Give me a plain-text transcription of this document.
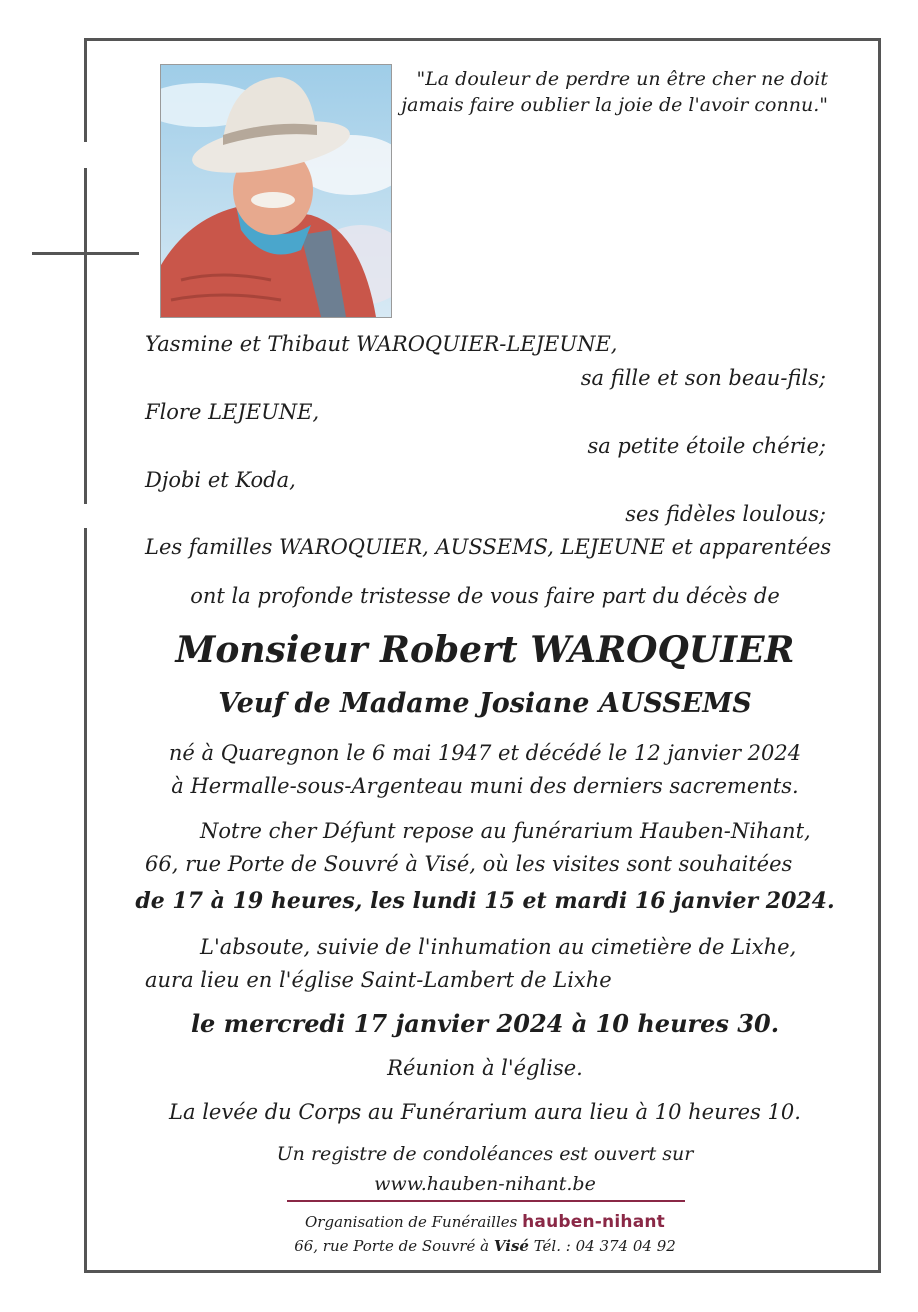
"La douleur de perdre un être cher ne doit
jamais faire oublier la joie de l'avoir connu."
Yasmine et Thibaut WAROQUIER-LEJEUNE,
sa fille et son beau-fils;
Flore LEJEUNE,
sa petite étoile chérie;
Djobi et Koda,
ses fidèles loulous;
Les familles WAROQUIER, AUSSEMS, LEJEUNE et apparentées
ont la profonde tristesse de vous faire part du décès de
Monsieur Robert WAROQUIER
Veuf de Madame Josiane AUSSEMS
né à Quaregnon le 6 mai 1947 et décédé le 12 janvier 2024
à Hermalle-sous-Argenteau muni des derniers sacrements.
Notre cher Défunt repose au funérarium Hauben-Nihant,
66, rue Porte de Souvré à Visé, où les visites sont souhaitées
de 17 à 19 heures, les lundi 15 et mardi 16 janvier 2024.
L'absoute, suivie de l'inhumation au cimetière de Lixhe,
aura lieu en l'église Saint-Lambert de Lixhe
le mercredi 17 janvier 2024 à 10 heures 30.
Réunion à l'église.
La levée du Corps au Funérarium aura lieu à 10 heures 10.
Un registre de condoléances est ouvert sur
www.hauben-nihant.be
Organisation de Funérailles hauben-nihant
66, rue Porte de Souvré à Visé Tél. : 04 374 04 92
